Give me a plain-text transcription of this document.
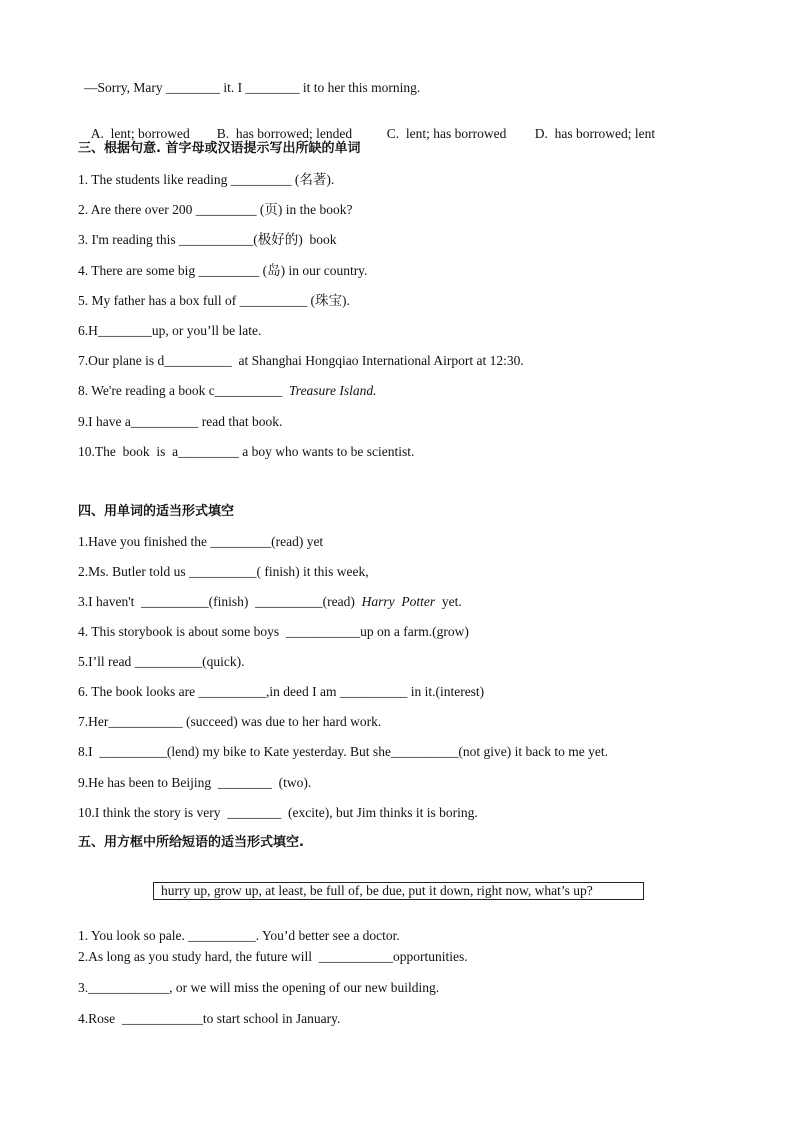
—Sorry, Mary ________ it. I ________ it to her this morning.

A.  lent; borrowed B.  has borrowed; lended	C.  lent; has borrowed D.  has borrowed; lent

三、根据句意. 首字母或汉语提示写出所缺的单词
1. The students like reading _________ (名著).
2. Are there over 200 _________ (页) in the book?
3. I'm reading this ___________(极好的)  book
4. There are some big _________ (岛) in our country.
5. My father has a box full of __________ (珠宝).
6.H________up, or you’ll be late.
7.Our plane is d__________  at Shanghai Hongqiao International Airport at 12:30.
8. We're reading a book c__________  Treasure Island.
9.I have a__________ read that book.
10.The  book  is  a_________ a boy who wants to be scientist.
四、用单词的适当形式填空
1.Have you finished the _________(read) yet
2.Ms. Butler told us __________( finish) it this week,
3.I haven't  __________(finish)  __________(read)  Harry  Potter  yet.
4. This storybook is about some boys  ___________up on a farm.(grow)
5.I’ll read __________(quick).
6. The book looks are __________,in deed I am __________ in it.(interest)
7.Her___________ (succeed) was due to her hard work.
8.I  __________(lend) my bike to Kate yesterday. But she__________(not give) it back to me yet.
9.He has been to Beijing  ________  (two).
10.I think the story is very  ________  (excite), but Jim thinks it is boring.
五、用方框中所给短语的适当形式填空.
hurry up, grow up, at least, be full of, be due, put it down, right now, what’s up?
1. You look so pale. __________. You’d better see a doctor.
2.As long as you study hard, the future will  ___________opportunities.
3.____________, or we will miss the opening of our new building.
4.Rose  ____________to start school in January.
